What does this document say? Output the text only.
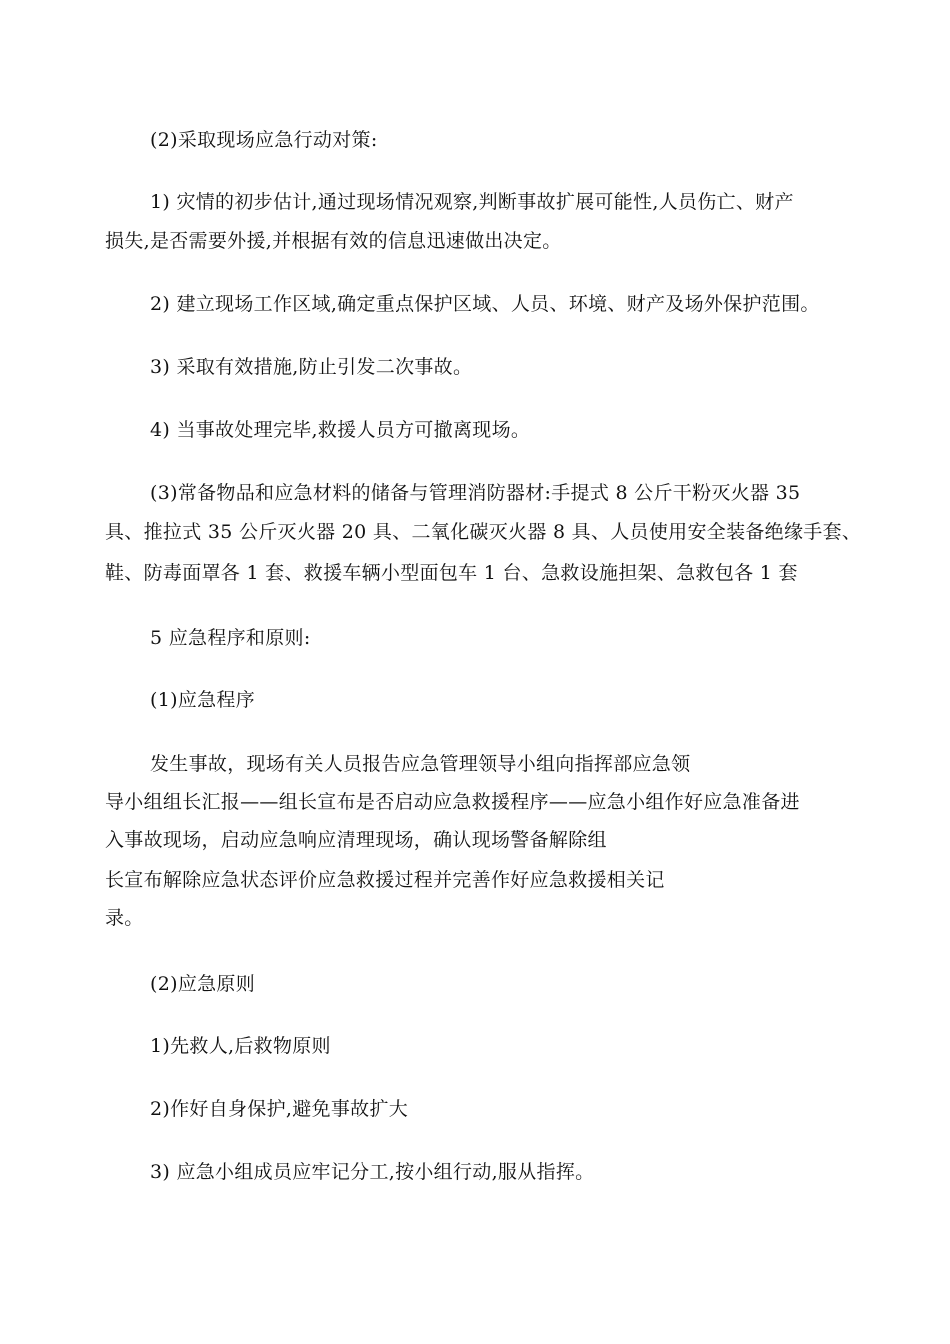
(2)采取现场应急行动对策:
1) 灾情的初步估计,通过现场情况观察,判断事故扩展可能性,人员伤亡、财产
损失,是否需要外援,并根据有效的信息迅速做出决定。
2) 建立现场工作区域,确定重点保护区域、人员、环境、财产及场外保护范围。
3) 采取有效措施,防止引发二次事故。
4) 当事故处理完毕,救援人员方可撤离现场。
(3)常备物品和应急材料的储备与管理消防器材:手提式 8 公斤干粉灭火器 35
具、推拉式 35 公斤灭火器 20 具、二氧化碳灭火器 8 具、人员使用安全装备绝缘手套、
鞋、防毒面罩各 1 套、救援车辆小型面包车 1 台、急救设施担架、急救包各 1 套
5 应急程序和原则:
(1)应急程序
发生事故，现场有关人员报告应急管理领导小组向指挥部应急领
导小组组长汇报——组长宣布是否启动应急救援程序——应急小组作好应急准备进
入事故现场，启动应急响应清理现场，确认现场警备解除组
长宣布解除应急状态评价应急救援过程并完善作好应急救援相关记
录。
(2)应急原则
1)先救人,后救物原则
2)作好自身保护,避免事故扩大
3) 应急小组成员应牢记分工,按小组行动,服从指挥。
